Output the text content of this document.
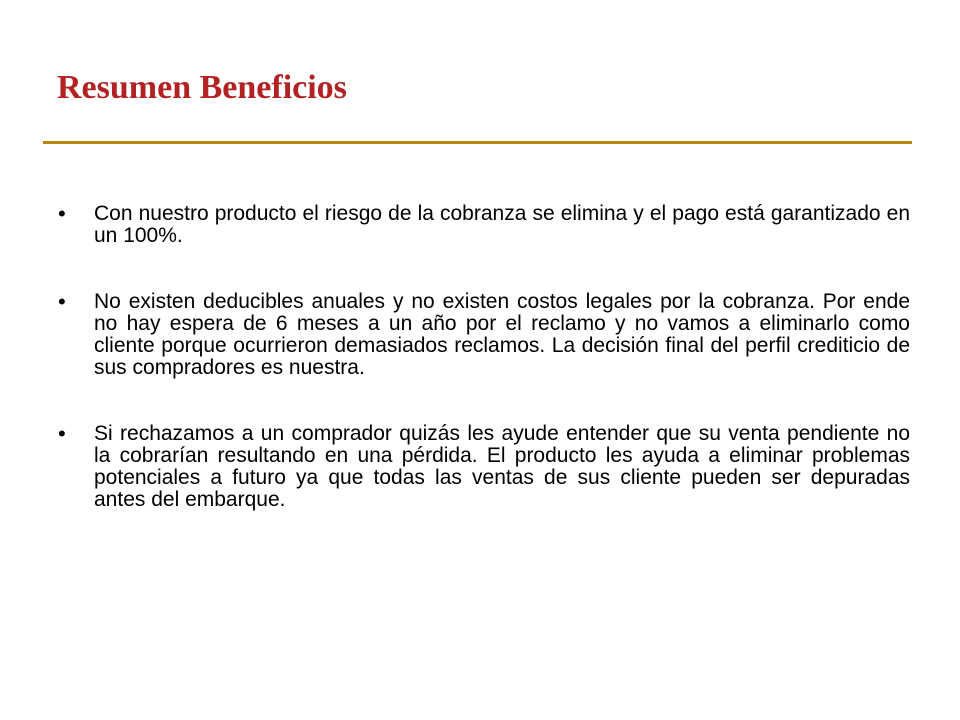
Resumen Beneficios
• Con nuestro producto el riesgo de la cobranza se elimina y el pago está garantizado en un 100%.
• No existen deducibles anuales y no existen costos legales por la cobranza. Por ende no hay espera de 6 meses a un año por el reclamo y no vamos a eliminarlo como cliente porque ocurrieron demasiados reclamos. La decisión final del perfil crediticio de sus compradores es nuestra.
• Si rechazamos a un comprador quizás les ayude entender que su venta pendiente no la cobrarían resultando en una pérdida. El producto les ayuda a eliminar problemas potenciales a futuro ya que todas las ventas de sus cliente pueden ser depuradas antes del embarque.
